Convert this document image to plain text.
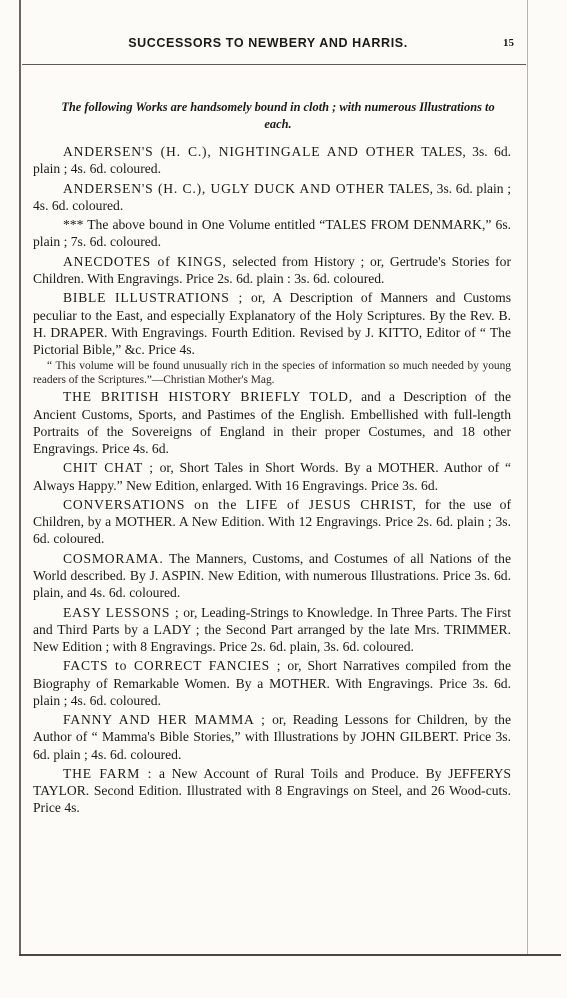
SUCCESSORS TO NEWBERY AND HARRIS.	15
The following Works are handsomely bound in cloth ; with numerous Illustrations to each.

ANDERSEN'S (H. C.), NIGHTINGALE AND OTHER TALES, 3s. 6d. plain ; 4s. 6d. coloured.

ANDERSEN'S (H. C.), UGLY DUCK AND OTHER TALES, 3s. 6d. plain ; 4s. 6d. coloured.

*** The above bound in One Volume entitled “TALES FROM DENMARK,” 6s. plain ; 7s. 6d. coloured.

ANECDOTES of KINGS, selected from History ; or, Gertrude's Stories for Children. With Engravings. Price 2s. 6d. plain : 3s. 6d. coloured.

BIBLE ILLUSTRATIONS ; or, A Description of Manners and Customs peculiar to the East, and especially Explanatory of the Holy Scriptures. By the Rev. B. H. DRAPER. With Engravings. Fourth Edition. Revised by J. KITTO, Editor of “ The Pictorial Bible,” &c. Price 4s.

“ This volume will be found unusually rich in the species of information so much needed by young readers of the Scriptures.”—Christian Mother's Mag.

THE BRITISH HISTORY BRIEFLY TOLD, and a Description of the Ancient Customs, Sports, and Pastimes of the English. Embellished with full-length Portraits of the Sovereigns of England in their proper Costumes, and 18 other Engravings. Price 4s. 6d.

CHIT CHAT ; or, Short Tales in Short Words. By a MOTHER. Author of “ Always Happy.” New Edition, enlarged. With 16 Engravings. Price 3s. 6d.

CONVERSATIONS on the LIFE of JESUS CHRIST, for the use of Children, by a MOTHER. A New Edition. With 12 Engravings. Price 2s. 6d. plain ; 3s. 6d. coloured.

COSMORAMA. The Manners, Customs, and Costumes of all Nations of the World described. By J. ASPIN. New Edition, with numerous Illustrations. Price 3s. 6d. plain, and 4s. 6d. coloured.

EASY LESSONS ; or, Leading-Strings to Knowledge. In Three Parts. The First and Third Parts by a LADY ; the Second Part arranged by the late Mrs. TRIMMER. New Edition ; with 8 Engravings. Price 2s. 6d. plain, 3s. 6d. coloured.

FACTS to CORRECT FANCIES ; or, Short Narratives compiled from the Biography of Remarkable Women. By a MOTHER. With Engravings. Price 3s. 6d. plain ; 4s. 6d. coloured.

FANNY AND HER MAMMA ; or, Reading Lessons for Children, by the Author of “ Mamma's Bible Stories,” with Illustrations by JOHN GILBERT. Price 3s. 6d. plain ; 4s. 6d. coloured.

THE FARM : a New Account of Rural Toils and Produce. By JEFFERYS TAYLOR. Second Edition. Illustrated with 8 Engravings on Steel, and 26 Wood-cuts. Price 4s.
